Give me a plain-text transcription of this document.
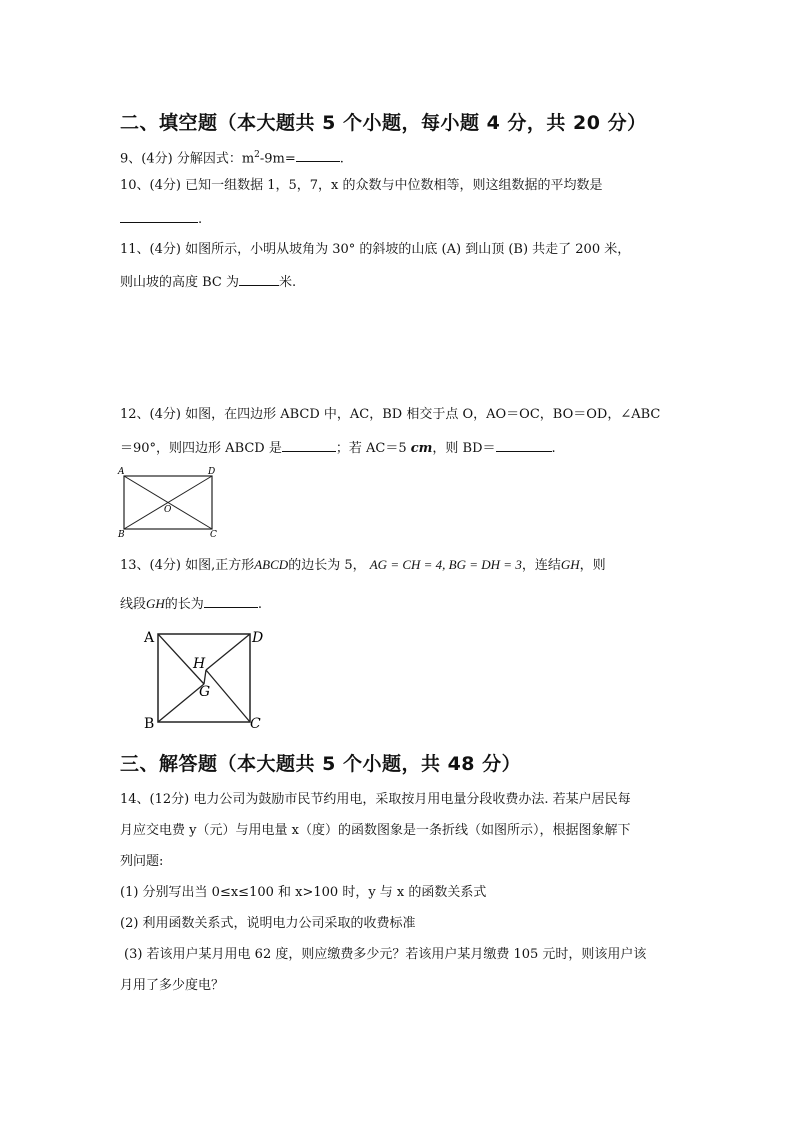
二、填空题（本大题共 5 个小题，每小题 4 分，共 20 分）
9、(4分) 分解因式：$m^2-9m=$	.
10、(4分) 已知一组数据 1，5，7，x 的众数与中位数相等，则这组数据的平均数是
.
11、(4分) 如图所示，小明从坡角为 30° 的斜坡的山底 (A) 到山顶 (B) 共走了 200 米，
则山坡的高度 BC 为	米.
12、(4分) 如图，在四边形 ABCD 中，AC，BD 相交于点 O，AO＝OC，BO＝OD，∠ABC
＝90°，则四边形 ABCD 是	；若 AC＝5 cm，则 BD＝	.
A	D
B	C
O
13、(4分) 如图,正方形ABCD的边长为 5， AG = CH = 4, BG = DH = 3，连结GH，则
线段GH的长为	.
A	D
B	C
H
G
三、解答题（本大题共 5 个小题，共 48 分）
14、(12分) 电力公司为鼓励市民节约用电，采取按月用电量分段收费办法. 若某户居民每
月应交电费 y（元）与用电量 x（度）的函数图象是一条折线（如图所示），根据图象解下
列问题:
(1) 分别写出当 0≤x≤100 和 x>100 时，y 与 x 的函数关系式
(2) 利用函数关系式，说明电力公司采取的收费标准
(3) 若该用户某月用电 62 度，则应缴费多少元？若该用户某月缴费 105 元时，则该用户该
月用了多少度电？
